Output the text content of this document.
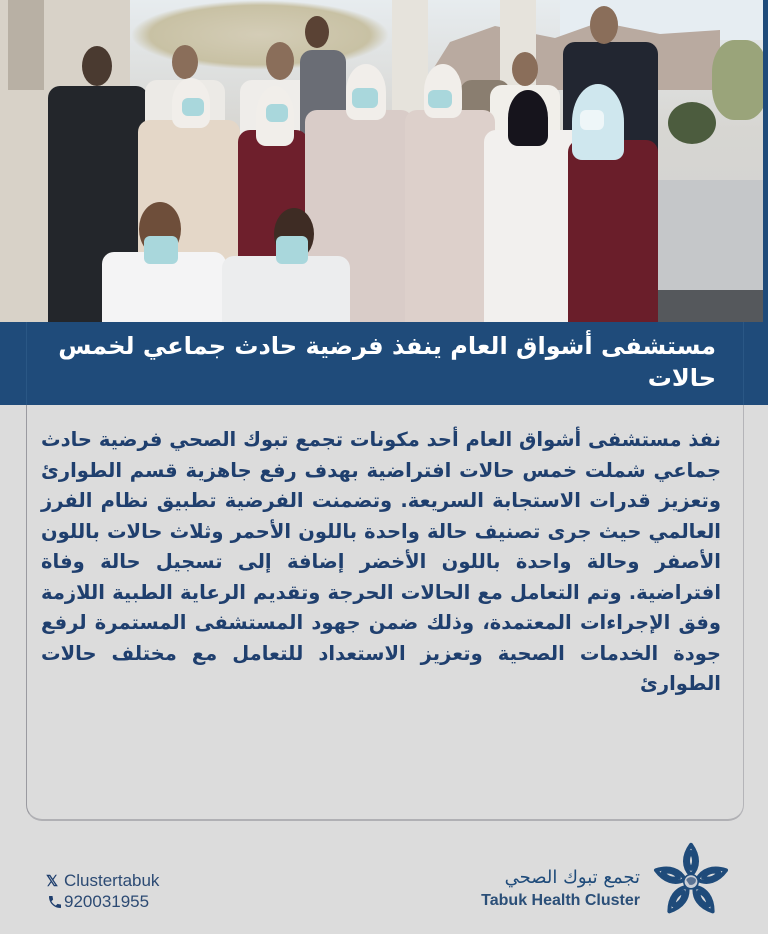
مستشفى أشواق العام ينفذ فرضية حادث جماعي لخمس حالات

نفذ مستشفى أشواق العام أحد مكونات تجمع تبوك الصحي فرضية حادث جماعي شملت خمس حالات افتراضية بهدف رفع جاهزية قسم الطوارئ وتعزيز قدرات الاستجابة السريعة. وتضمنت الفرضية تطبيق نظام الفرز العالمي حيث جرى تصنيف حالة واحدة باللون الأحمر وثلاث حالات باللون الأصفر وحالة واحدة باللون الأخضر إضافة إلى تسجيل حالة وفاة افتراضية. وتم التعامل مع الحالات الحرجة وتقديم الرعاية الطبية اللازمة وفق الإجراءات المعتمدة، وذلك ضمن جهود المستشفى المستمرة لرفع جودة الخدمات الصحية وتعزيز الاستعداد للتعامل مع مختلف حالات الطوارئ

𝕏 Clustertabuk
920031955
تجمع تبوك الصحي
Tabuk Health Cluster
